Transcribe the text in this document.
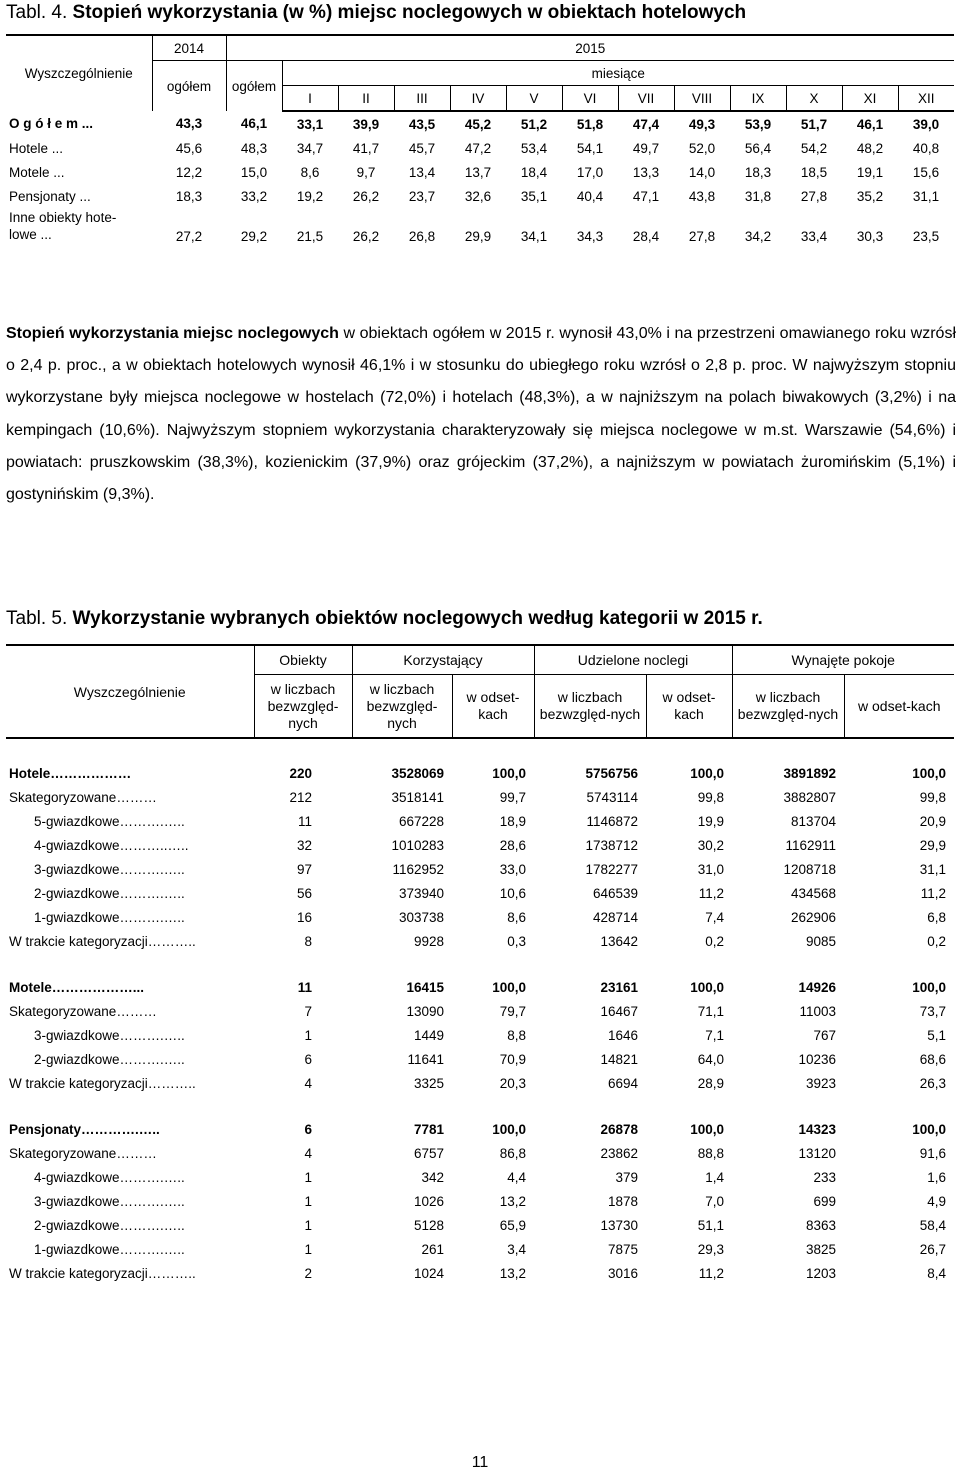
Tabl. 4. Stopień wykorzystania (w %) miejsc noclegowych w obiektach hotelowych
Wyszczególnienie	2014	2015												
	ogółem	ogółem	miesiące											
			I	II	III	IV	V	VI	VII	VIII	IX	X	XI	XII
O g ó ł e m ...	43,3	46,1	33,1	39,9	43,5	45,2	51,2	51,8	47,4	49,3	53,9	51,7	46,1	39,0
Hotele ...	45,6	48,3	34,7	41,7	45,7	47,2	53,4	54,1	49,7	52,0	56,4	54,2	48,2	40,8
Motele ...	12,2	15,0	8,6	9,7	13,4	13,7	18,4	17,0	13,3	14,0	18,3	18,5	19,1	15,6
Pensjonaty ...	18,3	33,2	19,2	26,2	23,7	32,6	35,1	40,4	47,1	43,8	31,8	27,8	35,2	31,1

Inne obiekty hote-
lowe ...	27,2	29,2	21,5	26,2	26,8	29,9	34,1	34,3	28,4	27,8	34,2	33,4	30,3	23,5
Stopień wykorzystania miejsc noclegowych w obiektach ogółem w 2015 r. wynosił 43,0% i na przestrzeni omawianego roku wzrósł o 2,4 p. proc., a w obiektach hotelowych wynosił 46,1% i w stosunku do ubiegłego roku wzrósł o 2,8 p. proc. W najwyższym stopniu wykorzystane były miejsca noclegowe w hostelach (72,0%) i hotelach (48,3%), a w najniższym na polach biwakowych (3,2%) i na kempingach (10,6%). Najwyższym stopniem wykorzystania charakteryzowały się miejsca noclegowe w m.st. Warszawie (54,6%) i powiatach: pruszkowskim (38,3%), kozienickim (37,9%) oraz grójeckim (37,2%), a najniższym w powiatach żuromińskim (5,1%) i gostynińskim (9,3%).
Tabl. 5. Wykorzystanie wybranych obiektów noclegowych według kategorii w 2015 r.
Wyszczególnienie	Obiekty	Korzystający		Udzielone noclegi		Wynajęte pokoje	
	w liczbach bezwzględ-nych	w liczbach bezwzględ-nych	w odset-kach	w liczbach bezwzględ-nych	w odset-kach	w liczbach bezwzględ-nych	w odset-kach

Hotele………………	220	3528069	100,0	5756756	100,0	3891892	100,0
Skategoryzowane………	212	3518141	99,7	5743114	99,8	3882807	99,8
5-gwiazdkowe……….…..	11	667228	18,9	1146872	19,9	813704	20,9
4-gwiazdkowe………..…..	32	1010283	28,6	1738712	30,2	1162911	29,9
3-gwiazdkowe……….…..	97	1162952	33,0	1782277	31,0	1208718	31,1
2-gwiazdkowe……….…..	56	373940	10,6	646539	11,2	434568	11,2
1-gwiazdkowe……….…..	16	303738	8,6	428714	7,4	262906	6,8
W trakcie kategoryzacji………..	8	9928	0,3	13642	0,2	9085	0,2

Motele………………...	11	16415	100,0	23161	100,0	14926	100,0
Skategoryzowane………	7	13090	79,7	16467	71,1	11003	73,7
3-gwiazdkowe……….…..	1	1449	8,8	1646	7,1	767	5,1
2-gwiazdkowe……….…..	6	11641	70,9	14821	64,0	10236	68,6
W trakcie kategoryzacji………..	4	3325	20,3	6694	28,9	3923	26,3

Pensjonaty………….…..	6	7781	100,0	26878	100,0	14323	100,0
Skategoryzowane………	4	6757	86,8	23862	88,8	13120	91,6
4-gwiazdkowe……….…..	1	342	4,4	379	1,4	233	1,6
3-gwiazdkowe……….…..	1	1026	13,2	1878	7,0	699	4,9
2-gwiazdkowe……….…..	1	5128	65,9	13730	51,1	8363	58,4
1-gwiazdkowe……….…..	1	261	3,4	7875	29,3	3825	26,7
W trakcie kategoryzacji………..	2	1024	13,2	3016	11,2	1203	8,4
11
